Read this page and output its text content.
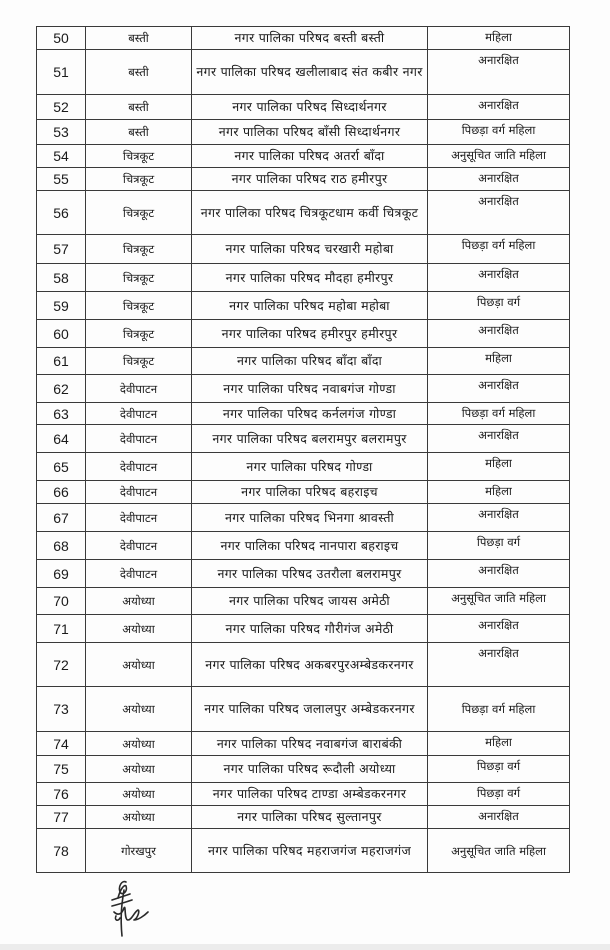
50	बस्ती	नगर पालिका परिषद बस्ती बस्ती	महिला
51	बस्ती	नगर पालिका परिषद खलीलाबाद संत कबीर नगर	अनारक्षित
52	बस्ती	नगर पालिका परिषद सिध्दार्थनगर	अनारक्षित
53	बस्ती	नगर पालिका परिषद बाँसी सिध्दार्थनगर	पिछड़ा वर्ग महिला
54	चित्रकूट	नगर पालिका परिषद अतर्रा बाँदा	अनुसूचित जाति महिला
55	चित्रकूट	नगर पालिका परिषद राठ हमीरपुर	अनारक्षित
56	चित्रकूट	नगर पालिका परिषद चित्रकूटधाम कर्वी चित्रकूट	अनारक्षित
57	चित्रकूट	नगर पालिका परिषद चरखारी महोबा	पिछड़ा वर्ग महिला
58	चित्रकूट	नगर पालिका परिषद मौदहा हमीरपुर	अनारक्षित
59	चित्रकूट	नगर पालिका परिषद महोबा महोबा	पिछड़ा वर्ग
60	चित्रकूट	नगर पालिका परिषद हमीरपुर हमीरपुर	अनारक्षित
61	चित्रकूट	नगर पालिका परिषद बाँदा बाँदा	महिला
62	देवीपाटन	नगर पालिका परिषद नवाबगंज गोण्डा	अनारक्षित
63	देवीपाटन	नगर पालिका परिषद कर्नलगंज गोण्डा	पिछड़ा वर्ग महिला
64	देवीपाटन	नगर पालिका परिषद बलरामपुर बलरामपुर	अनारक्षित
65	देवीपाटन	नगर पालिका परिषद गोण्डा	महिला
66	देवीपाटन	नगर पालिका परिषद बहराइच	महिला
67	देवीपाटन	नगर पालिका परिषद भिनगा श्रावस्ती	अनारक्षित
68	देवीपाटन	नगर पालिका परिषद नानपारा बहराइच	पिछड़ा वर्ग
69	देवीपाटन	नगर पालिका परिषद उतरौला बलरामपुर	अनारक्षित
70	अयोध्या	नगर पालिका परिषद जायस अमेठी	अनुसूचित जाति महिला
71	अयोध्या	नगर पालिका परिषद गौरीगंज अमेठी	अनारक्षित
72	अयोध्या	नगर पालिका परिषद अकबरपुरअम्बेडकरनगर	अनारक्षित
73	अयोध्या	नगर पालिका परिषद जलालपुर अम्बेडकरनगर	पिछड़ा वर्ग महिला
74	अयोध्या	नगर पालिका परिषद नवाबगंज बाराबंकी	महिला
75	अयोध्या	नगर पालिका परिषद रूदौली अयोध्या	पिछड़ा वर्ग
76	अयोध्या	नगर पालिका परिषद टाण्डा अम्बेडकरनगर	पिछड़ा वर्ग
77	अयोध्या	नगर पालिका परिषद सुल्तानपुर	अनारक्षित
78	गोरखपुर	नगर पालिका परिषद महराजगंज महराजगंज	अनुसूचित जाति महिला
